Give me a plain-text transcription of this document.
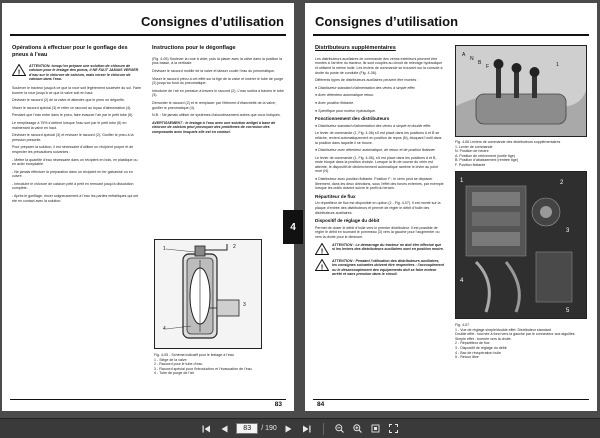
Consignes d’utilisation
Opérations à effectuer pour le gonflage des pneus à l’eau
!
ATTENTION: lorsqu’on prépare une solution de chlorure de calcium pour le lestage des pneus, il NE FAUT JAMAIS VERSER d’eau sur le chlorure de calcium, mais verser le chlorure de calcium dans l’eau.

Soulever le tracteur jusqu’à ce que la roue soit légèrement soulevée du sol. Faire tourner la roue jusqu’à ce que la valve soit en haut.

Dévisser le raccord (2) de la valve et attendre que le pneu se dégonfle.

Visser le raccord spécial (3) et relier ce raccord au tuyau d’alimentation (4).

Pendant que l’eau entre dans le pneu, faire évacuer l’air par le petit tube (6).

Le remplissage à 75% s’obtient lorsque l’eau sort par le petit tube (6) en maintenant la valve en haut.

Dévisser le raccord spécial (3) et revisser le raccord (2). Gonfler le pneu à la pression prescrite.

Pour préparer la solution, il est nécessaire d’utiliser un récipient propre et de respecter les précautions suivantes :

- Mettre la quantité d’eau nécessaire dans un récipient en bois, en plastique ou en acier inoxydable.

- Ne jamais effectuer la préparation dans un récipient en fer galvanisé ou en cuivre.

- Introduire le chlorure de calcium petit à petit en remuant jusqu’à dissolution complète.

- Après le gonflage, rincer soigneusement à l’eau les parties métalliques qui ont été en contact avec la solution.

Instructions pour le dégonflage

(Fig. 4-05) Soulever la roue à vider, puis la placer avec la valve dans la position la plus basse, à la verticale.

Dévisser le raccord mobile de la valve et laisser couler l’eau du pneumatique.

Visser le raccord prévu à cet effet sur la tige de la valve et insérer le tube de purge (2) jusqu’au fond du pneumatique.

Introduire de l’air en pression à travers le raccord (2). L’eau sortira à travers le tube (3).

Démonter le raccord (2) et le remplacer par l’élément d’étanchéité de la valve; gonfler le pneumatique (4).

N.B. : Ne jamais utiliser de systèmes d’alourdissement autres que ceux indiqués.

AVERTISSEMENT : le lestage à l’eau avec une solution antigel à base de chlorure de calcium peut provoquer des problèmes de corrosion des composants avec lesquels elle est en contact.

1	2
3
4
Fig. 4-05 - Schéma indicatif pour le lestage à l’eau
1 - Siège de la valve
2 - Raccord pour le tube d’eau
3 - Raccord spécial pour l’introduction et l’évacuation de l’eau
4 - Tube de purge de l’air
83
4
Consignes d’utilisation
Distributeurs supplémentaires

Les distributeurs auxiliaires de commande des vérins extérieurs peuvent être montés à l’arrière du tracteur. Ils sont couplés au circuit de relevage hydraulique et utilisent la même huile. Les leviers de commande se trouvent sur la console à droite du poste de conduite (Fig. 4-06).

Différents types de distributeurs auxiliaires peuvent être montés :

● Distributeur standard d’alimentation des vérins à simple effet.

● Avec détenteur automatique retour.

● Avec position flottante.

● Spécifique pour moteur hydraulique.

Fonctionnement des distributeurs

● Distributeur standard d’alimentation des vérins à simple et double effet.

Le levier de commande (1, Fig. 4-06) s’il est placé dans les positions A et B se relâche, revient automatiquement en position de repos (N), bloquant l’outil dans la position dans laquelle il se trouve.

● Distributeur avec détenteur automatique, de retour et de position flottante.

Le levier de commande (1, Fig. 4-06), s’il est placé dans les positions A et B, reste bloqué dans la position choisie. Lorsque la fin de course du vérin est atteinte, le dispositif de déclenchement automatique ramène le levier au point mort (N).

● Distributeur avec position flottante. Position F : le vérin peut se déplacer librement, dans les deux directions, sous l’effet des forces externes, par exemple lorsque les outils doivent suivre le profil du terrain.

Répartiteur de flux

Un répartiteur de flux est disponible en option (2 - Fig. 4-07). Il est monté sur la plaque d’entrée des distributeurs et permet de régler le débit d’huile des distributeurs auxiliaires.

Dispositif de réglage du débit

Permet de doser le débit d’huile vers le premier distributeur. Il est possible de régler le débit en tournant le pommeau (3) vers la gauche pour l’augmenter ou vers la droite pour le diminuer.

!
ATTENTION : Le démarrage du tracteur ne doit être effectué que si les leviers des distributeurs auxiliaires sont en position neutre.
!
ATTENTION : Pendant l’utilisation des distributeurs auxiliaires, les consignes suivantes doivent être respectées : l’accouplement ou le désaccouplement des équipements doit se faire moteur arrêté et sans pression dans le circuit.
A
N
B
F	1
Fig. 4-06 Leviers de commande des distributeurs supplémentaires
1. Levier de commande
N. Position de neutre
A. Position de relèvement (sortie tige)
B. Position d’abaissement (rentrée tige)
F. Position flottante
1	2
3
4
5
Fig. 4-07
1 - Vue de réglage simple/double effet. Distributeur standard
Double effet : tournée à fond vers la gauche par le connecteur aux aiguilles.
Simple effet : tournée vers la droite.
2 - Répartiteur de flux
3 - Dispositif de réglage du débit
4 - Bac de récupération huile
5 - Retour libre
84
83
/ 190
